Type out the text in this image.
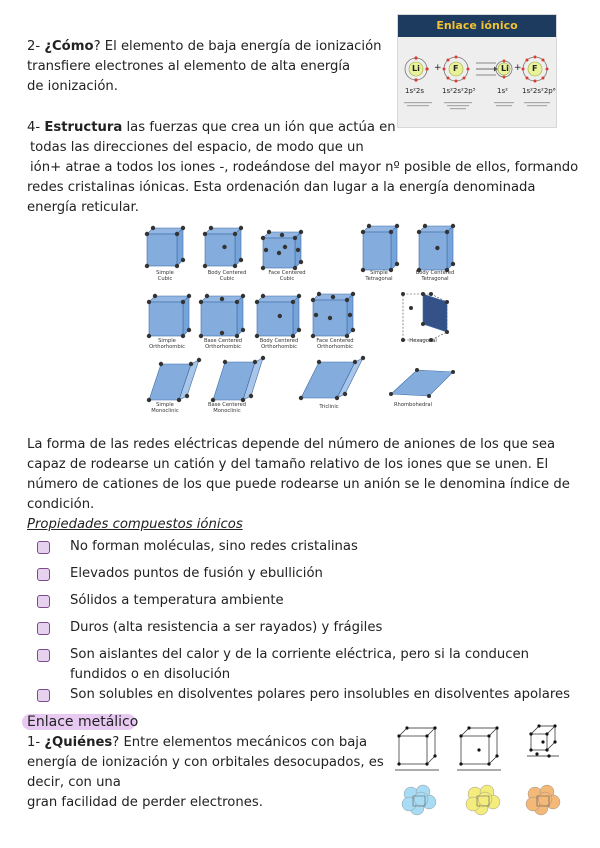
2- ¿Cómo? El elemento de baja energía de ionización
transfiere electrones al elemento de alta energía
de ionización.
Enlace iónico
Li + F	Li + F
1s²2s	1s²2s²2p⁵	1s² 1s²2s²2p⁶
4- Estructura las fuerzas que crea un ión que actúa en
todas las direcciones del espacio, de modo que un
ión+ atrae a todos los iones -, rodeándose del mayor nº posible de ellos, formando
redes cristalinas iónicas. Esta ordenación dan lugar a la energía denominada
energía reticular.
Simple
Cubic
Body Centered
Cubic
Face Centered
Cubic
Simple
Tetragonal
Body Centered
Tetragonal
Simple
Orthorhombic
Base Centered
Orthorhombic
Body Centered
Orthorhombic
Face Centered
Orthorhombic
Hexagonal
Simple
Monoclinic
Base Centered
Monoclinic
Triclinic	Rhombohedral
La forma de las redes eléctricas depende del número de aniones de los que sea
capaz de rodearse un catión y del tamaño relativo de los iones que se unen. El
número de cationes de los que puede rodearse un anión se le denomina índice de
condición.
Propiedades compuestos iónicos
No forman moléculas, sino redes cristalinas
Elevados puntos de fusión y ebullición
Sólidos a temperatura ambiente
Duros (alta resistencia a ser rayados) y frágiles
Son aislantes del calor y de la corriente eléctrica, pero si la conducen
fundidos o en disolución
Son solubles en disolventes polares pero insolubles en disolventes apolares
Enlace metálico
1- ¿Quiénes? Entre elementos mecánicos con baja
energía de ionización y con orbitales desocupados, es
decir, con una
gran facilidad de perder electrones.
